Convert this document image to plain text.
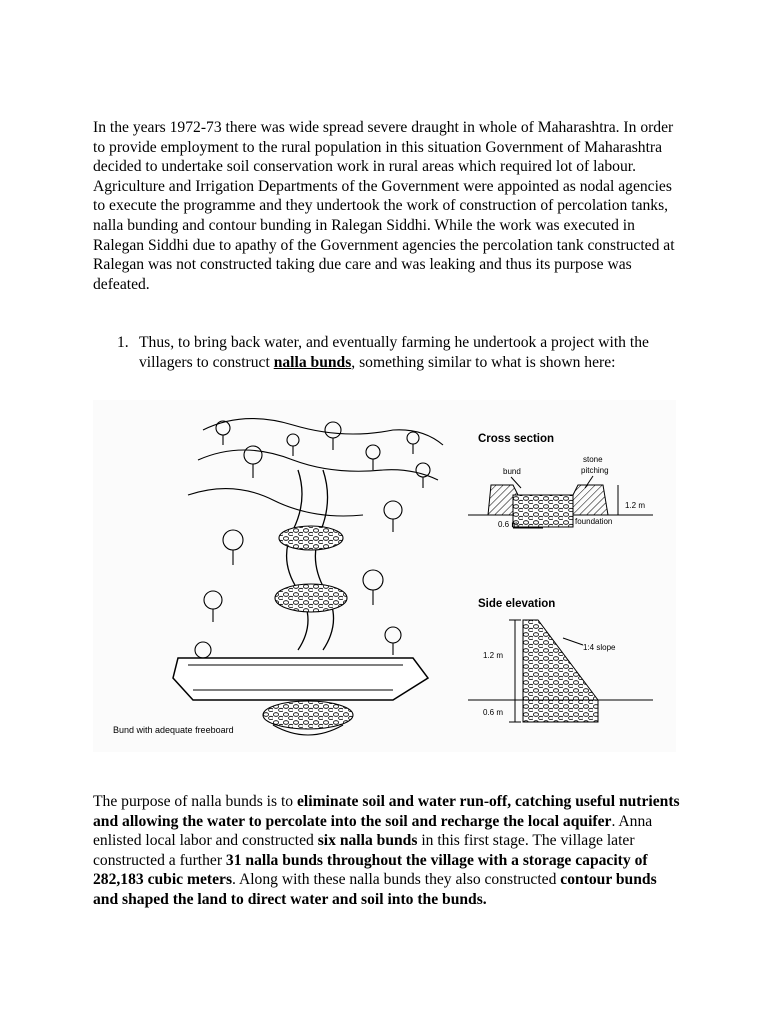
In the years 1972-73 there was wide spread severe draught in whole of Maharashtra. In order to provide employment to the rural population in this situation Government of Maharashtra decided to undertake soil conservation work in rural areas which required lot of labour. Agriculture and Irrigation Departments of the Government were appointed as nodal agencies to execute the programme and they undertook the work of construction of percolation tanks, nalla bunding and contour bunding in Ralegan Siddhi. While the work was executed in Ralegan Siddhi due to apathy of the Government agencies the percolation tank constructed at Ralegan was not constructed taking due care and was leaking and thus its purpose was defeated.

1. Thus, to bring back water, and eventually farming he undertook a project with the villagers to construct nalla bunds, something similar to what is shown here:
Bund with adequate freeboard
Cross section
bund
stone
pitching
1.2 m
0.6 m	foundation
Side elevation
1.2 m
1:4 slope
0.6 m

The purpose of nalla bunds is to eliminate soil and water run-off, catching useful nutrients and allowing the water to percolate into the soil and recharge the local aquifer. Anna enlisted local labor and constructed six nalla bunds in this first stage. The village later constructed a further 31 nalla bunds throughout the village with a storage capacity of 282,183 cubic meters. Along with these nalla bunds they also constructed contour bunds and shaped the land to direct water and soil into the bunds.
